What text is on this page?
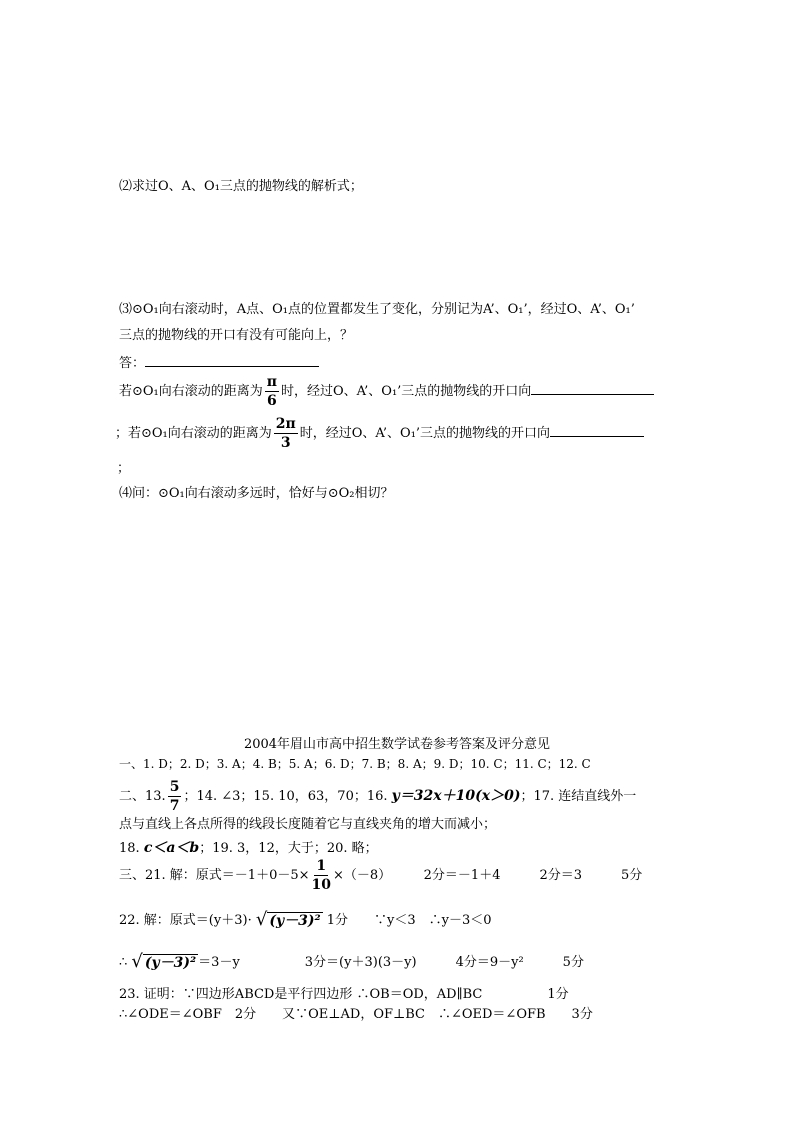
⑵求过O、A、O₁三点的抛物线的解析式；
⑶⊙O₁向右滚动时，A点、O₁点的位置都发生了变化，分别记为A’、O₁’，经过O、A’、O₁’
三点的抛物线的开口有没有可能向上，？
答：
若⊙O₁向右滚动的距离为 $\frac{\pi}{6}$ 时，经过O、A’、O₁’三点的抛物线的开口向
；若⊙O₁向右滚动的距离为 $\frac{2\pi}{3}$ 时，经过O、A’、O₁’三点的抛物线的开口向
；
⑷问：⊙O₁向右滚动多远时，恰好与⊙O₂相切？
2004年眉山市高中招生数学试卷参考答案及评分意见
一、1. D；2. D；3. A；4. B；5. A；6. D；7. B；8. A；9. D；10. C；11. C；12. C
二、13. $\frac{5}{7}$ ；14. ∠3；15. 10，63，70；16. y＝32x＋10(x＞0)；17. 连结直线外一
点与直线上各点所得的线段长度随着它与直线夹角的增大而减小；
18. c＜a＜b；19. 3，12，大于；20. 略；
三、21. 解：原式$=-1+0-5\times \frac{1}{10} \times(-8)$　　　2分＝－1＋4　　　2分＝3　　　5分
22. 解：原式＝(y＋3)· √ (y－3)² 1分　　∵y＜3　∴y－3＜0
∴ √ (y－3)² ＝3－y　　　　　3分＝(y＋3)(3－y)　　　4分＝9－y²　　　5分
23. 证明：∵四边形ABCD是平行四边形 ∴OB＝OD，AD∥BC　　　　　1分
∴∠ODE＝∠OBF　2分　　又∵OE⊥AD，OF⊥BC　∴∠OED＝∠OFB　　3分
